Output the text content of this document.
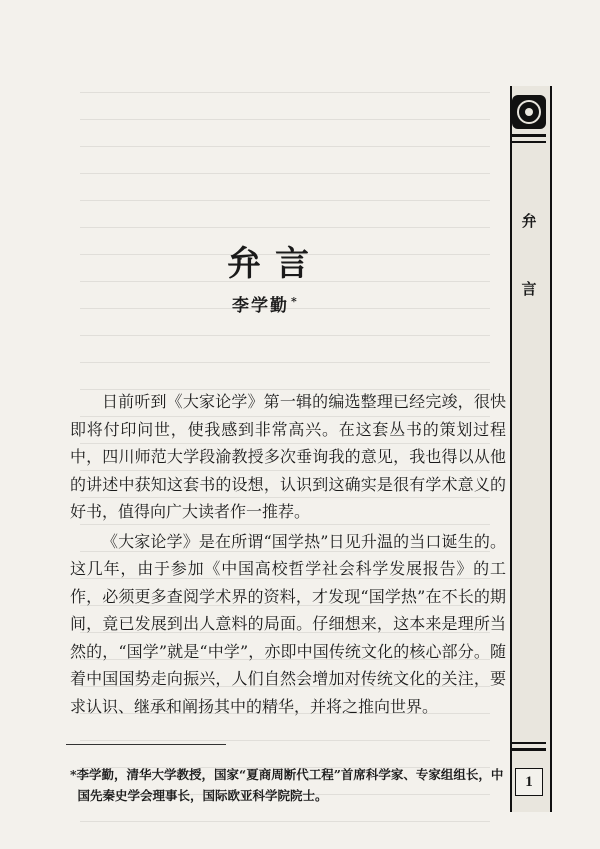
弁言
李学勤 *

日前听到《大家论学》第一辑的编选整理已经完竣，很快即将付印问世，使我感到非常高兴。在这套丛书的策划过程中，四川师范大学段渝教授多次垂询我的意见，我也得以从他的讲述中获知这套书的设想，认识到这确实是很有学术意义的好书，值得向广大读者作一推荐。

《大家论学》是在所谓“国学热”日见升温的当口诞生的。这几年，由于参加《中国高校哲学社会科学发展报告》的工作，必须更多查阅学术界的资料，才发现“国学热”在不长的期间，竟已发展到出人意料的局面。仔细想来，这本来是理所当然的，“国学”就是“中学”，亦即中国传统文化的核心部分。随着中国国势走向振兴，人们自然会增加对传统文化的关注，要求认识、继承和阐扬其中的精华，并将之推向世界。

*李学勤，清华大学教授，国家“夏商周断代工程”首席科学家、专家组组长，中国先秦史学会理事长，国际欧亚科学院院士。
弁
言
1
